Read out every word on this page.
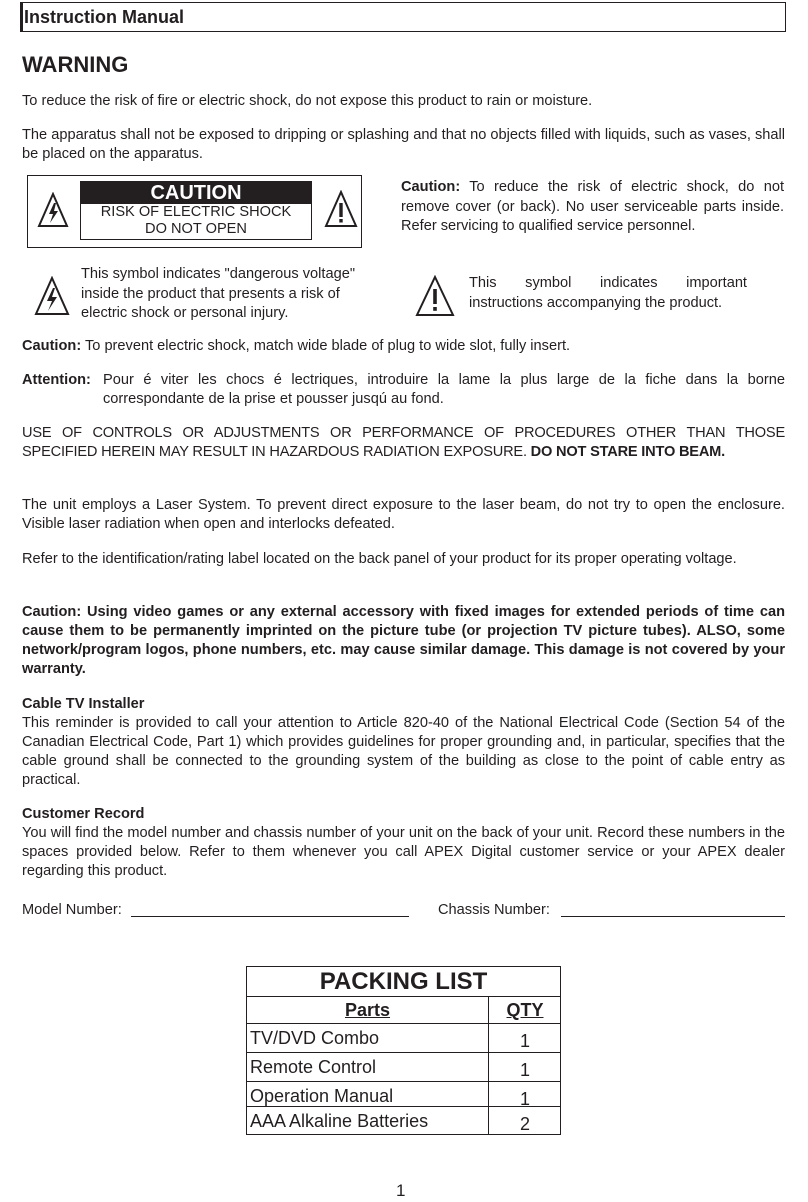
Instruction Manual
WARNING

To reduce the risk of fire or electric shock, do not expose this product to rain or moisture.

The apparatus shall not be exposed to dripping or splashing and that no objects filled with liquids, such as vases, shall be placed on the apparatus.

CAUTION
RISK OF ELECTRIC SHOCK
DO NOT OPEN
Caution: To reduce the risk of electric shock, do not remove cover (or back). No user serviceable parts inside. Refer servicing to qualified service personnel.
This symbol indicates "dangerous voltage" inside the product that presents a risk of electric shock or personal injury.
This symbol indicates important instructions accompanying the product.

Caution: To prevent electric shock, match wide blade of plug to wide slot, fully insert.

Attention: Pour é viter les chocs é lectriques, introduire la lame la plus large de la fiche dans la borne correspondante de la prise et pousser jusqú au fond.

USE OF CONTROLS OR ADJUSTMENTS OR PERFORMANCE OF PROCEDURES OTHER THAN THOSE SPECIFIED HEREIN MAY RESULT IN HAZARDOUS RADIATION EXPOSURE. DO NOT STARE INTO BEAM.

The unit employs a Laser System. To prevent direct exposure to the laser beam, do not try to open the enclosure. Visible laser radiation when open and interlocks defeated.

Refer to the identification/rating label located on the back panel of your product for its proper operating voltage.

Caution: Using video games or any external accessory with fixed images for extended periods of time can cause them to be permanently imprinted on the picture tube (or projection TV picture tubes). ALSO, some network/program logos, phone numbers, etc. may cause similar damage. This damage is not covered by your warranty.

Cable TV Installer

This reminder is provided to call your attention to Article 820-40 of the National Electrical Code (Section 54 of the Canadian Electrical Code, Part 1) which provides guidelines for proper grounding and, in particular, specifies that the cable ground shall be connected to the grounding system of the building as close to the point of cable entry as practical.

Customer Record

You will find the model number and chassis number of your unit on the back of your unit. Record these numbers in the spaces provided below. Refer to them whenever you call APEX Digital customer service or your APEX dealer regarding this product.

Model Number:	Chassis Number:
PACKING LIST
Parts	QTY
TV/DVD Combo	1
Remote Control	1
Operation Manual	1
AAA Alkaline Batteries	2
1
